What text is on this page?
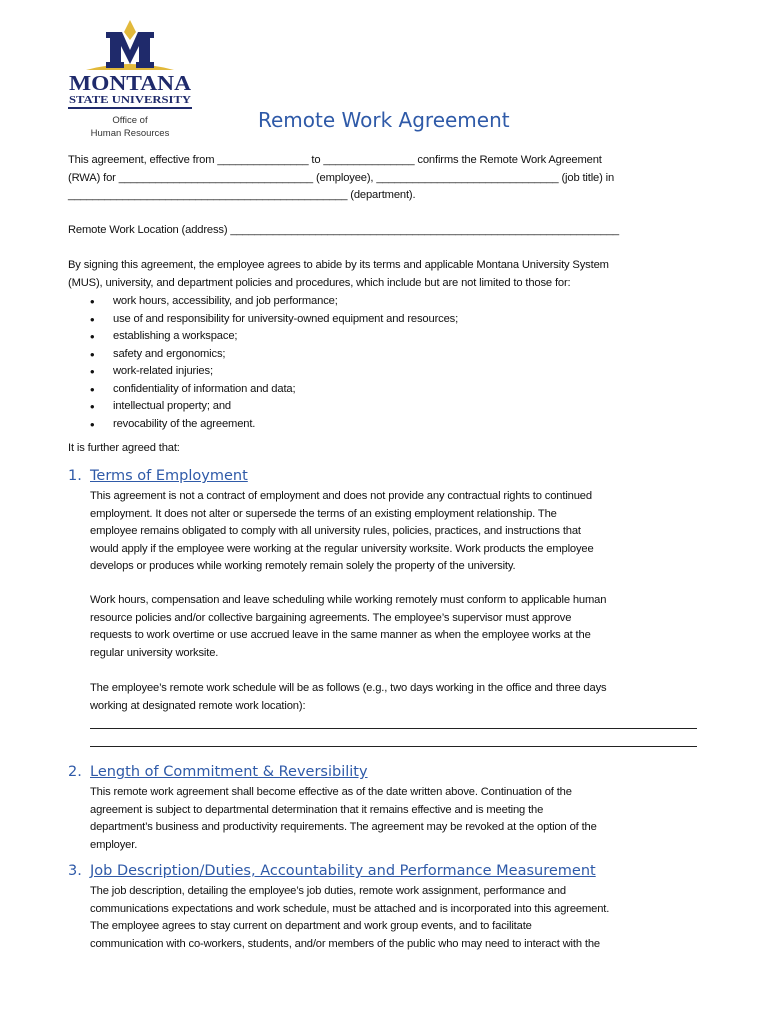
MONTANA
STATE UNIVERSITY
Office of
Human Resources
Remote Work Agreement
This agreement, effective from _______________ to _______________ confirms the Remote Work Agreement
(RWA) for ________________________________ (employee), ______________________________ (job title) in
______________________________________________ (department).
Remote Work Location (address) ________________________________________________________________
By signing this agreement, the employee agrees to abide by its terms and applicable Montana University System
(MUS), university, and department policies and procedures, which include but are not limited to those for:
• work hours, accessibility, and job performance;
• use of and responsibility for university-owned equipment and resources;
• establishing a workspace;
• safety and ergonomics;
• work-related injuries;
• confidentiality of information and data;
• intellectual property; and
• revocability of the agreement.
It is further agreed that:
1. Terms of Employment
This agreement is not a contract of employment and does not provide any contractual rights to continued
employment. It does not alter or supersede the terms of an existing employment relationship. The
employee remains obligated to comply with all university rules, policies, practices, and instructions that
would apply if the employee were working at the regular university worksite. Work products the employee
develops or produces while working remotely remain solely the property of the university.
Work hours, compensation and leave scheduling while working remotely must conform to applicable human
resource policies and/or collective bargaining agreements. The employee’s supervisor must approve
requests to work overtime or use accrued leave in the same manner as when the employee works at the
regular university worksite.
The employee’s remote work schedule will be as follows (e.g., two days working in the office and three days
working at designated remote work location):
2. Length of Commitment & Reversibility
This remote work agreement shall become effective as of the date written above. Continuation of the
agreement is subject to departmental determination that it remains effective and is meeting the
department’s business and productivity requirements. The agreement may be revoked at the option of the
employer.
3. Job Description/Duties, Accountability and Performance Measurement
The job description, detailing the employee’s job duties, remote work assignment, performance and
communications expectations and work schedule, must be attached and is incorporated into this agreement.
The employee agrees to stay current on department and work group events, and to facilitate
communication with co-workers, students, and/or members of the public who may need to interact with the
